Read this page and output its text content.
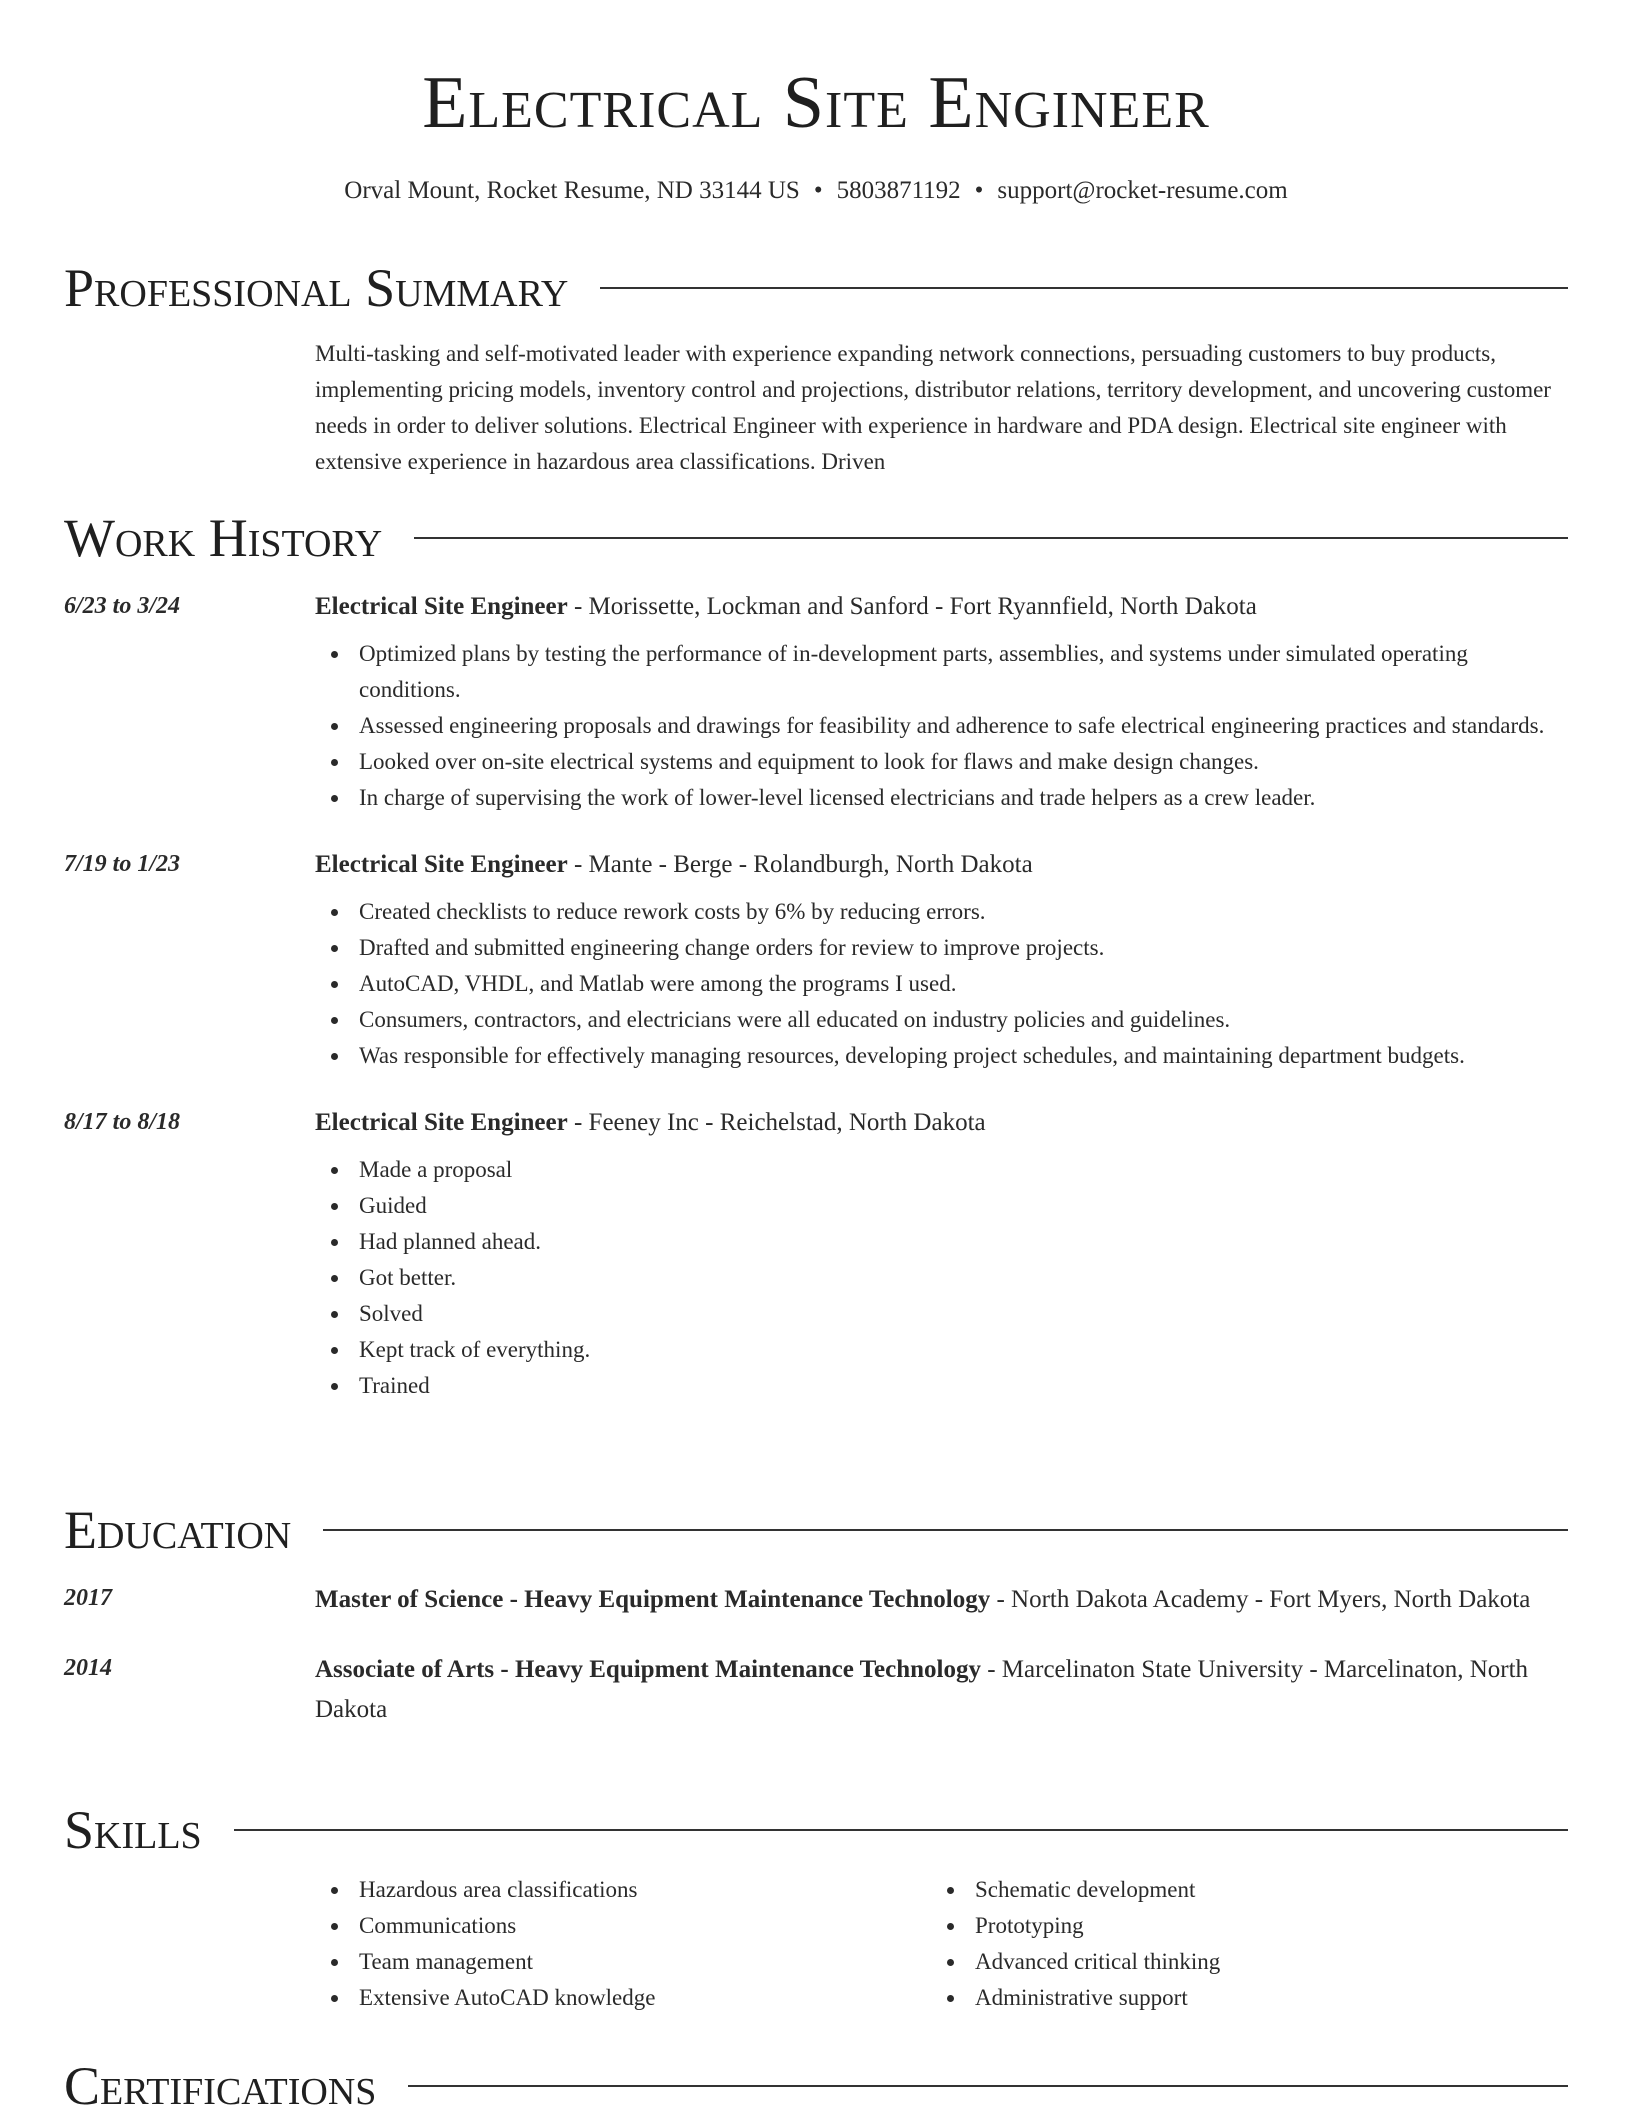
Electrical Site Engineer
Orval Mount, Rocket Resume, ND 33144 US • 5803871192 • support@rocket-resume.com
Professional Summary
Multi-tasking and self-motivated leader with experience expanding network connections, persuading customers to buy products, implementing pricing models, inventory control and projections, distributor relations, territory development, and uncovering customer needs in order to deliver solutions. Electrical Engineer with experience in hardware and PDA design. Electrical site engineer with extensive experience in hazardous area classifications. Driven
Work History
6/23 to 3/24	Electrical Site Engineer - Morissette, Lockman and Sanford - Fort Ryannfield, North Dakota
Optimized plans by testing the performance of in-development parts, assemblies, and systems under simulated operating conditions.
Assessed engineering proposals and drawings for feasibility and adherence to safe electrical engineering practices and standards.
Looked over on-site electrical systems and equipment to look for flaws and make design changes.
In charge of supervising the work of lower-level licensed electricians and trade helpers as a crew leader.
7/19 to 1/23	Electrical Site Engineer - Mante - Berge - Rolandburgh, North Dakota
Created checklists to reduce rework costs by 6% by reducing errors.
Drafted and submitted engineering change orders for review to improve projects.
AutoCAD, VHDL, and Matlab were among the programs I used.
Consumers, contractors, and electricians were all educated on industry policies and guidelines.
Was responsible for effectively managing resources, developing project schedules, and maintaining department budgets.
8/17 to 8/18	Electrical Site Engineer - Feeney Inc - Reichelstad, North Dakota
Made a proposal
Guided
Had planned ahead.
Got better.
Solved
Kept track of everything.
Trained
Education
2017	Master of Science - Heavy Equipment Maintenance Technology - North Dakota Academy - Fort Myers, North Dakota
2014	Associate of Arts - Heavy Equipment Maintenance Technology - Marcelinaton State University - Marcelinaton, North Dakota
Skills
Hazardous area classifications
Communications
Team management
Extensive AutoCAD knowledge
Schematic development
Prototyping
Advanced critical thinking
Administrative support
Certifications
